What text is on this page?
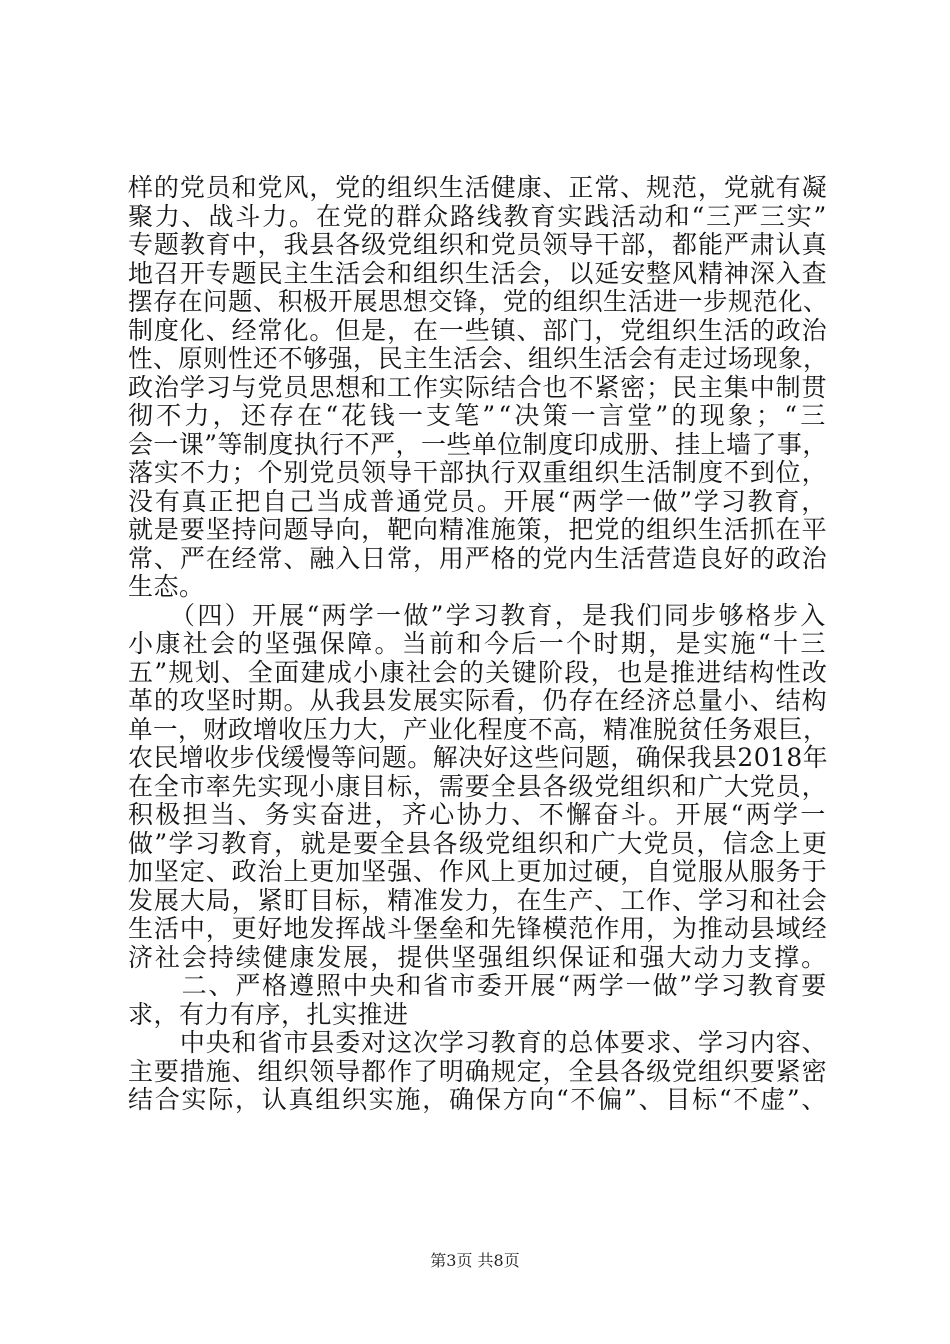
样的党员和党风，党的组织生活健康、正常、规范，党就有凝
聚力、战斗力。在党的群众路线教育实践活动和“三严三实”
专题教育中，我县各级党组织和党员领导干部，都能严肃认真
地召开专题民主生活会和组织生活会，以延安整风精神深入查
摆存在问题、积极开展思想交锋，党的组织生活进一步规范化、
制度化、经常化。但是，在一些镇、部门，党组织生活的政治
性、原则性还不够强，民主生活会、组织生活会有走过场现象，
政治学习与党员思想和工作实际结合也不紧密；民主集中制贯
彻不力，还存在“花钱一支笔”“决策一言堂”的现象；“三
会一课”等制度执行不严，一些单位制度印成册、挂上墙了事，
落实不力；个别党员领导干部执行双重组织生活制度不到位，
没有真正把自己当成普通党员。开展“两学一做”学习教育，
就是要坚持问题导向，靶向精准施策，把党的组织生活抓在平
常、严在经常、融入日常，用严格的党内生活营造良好的政治
生态。
　　（四）开展“两学一做”学习教育，是我们同步够格步入
小康社会的坚强保障。当前和今后一个时期，是实施“十三
五”规划、全面建成小康社会的关键阶段，也是推进结构性改
革的攻坚时期。从我县发展实际看，仍存在经济总量小、结构
单一，财政增收压力大，产业化程度不高，精准脱贫任务艰巨，
农民增收步伐缓慢等问题。解决好这些问题，确保我县2018年
在全市率先实现小康目标，需要全县各级党组织和广大党员，
积极担当、务实奋进，齐心协力、不懈奋斗。开展“两学一
做”学习教育，就是要全县各级党组织和广大党员，信念上更
加坚定、政治上更加坚强、作风上更加过硬，自觉服从服务于
发展大局，紧盯目标，精准发力，在生产、工作、学习和社会
生活中，更好地发挥战斗堡垒和先锋模范作用，为推动县域经
济社会持续健康发展，提供坚强组织保证和强大动力支撑。
　　二、严格遵照中央和省市委开展“两学一做”学习教育要
求，有力有序，扎实推进
　　中央和省市县委对这次学习教育的总体要求、学习内容、
主要措施、组织领导都作了明确规定，全县各级党组织要紧密
结合实际，认真组织实施，确保方向“不偏”、目标“不虚”、
第3页 共8页
